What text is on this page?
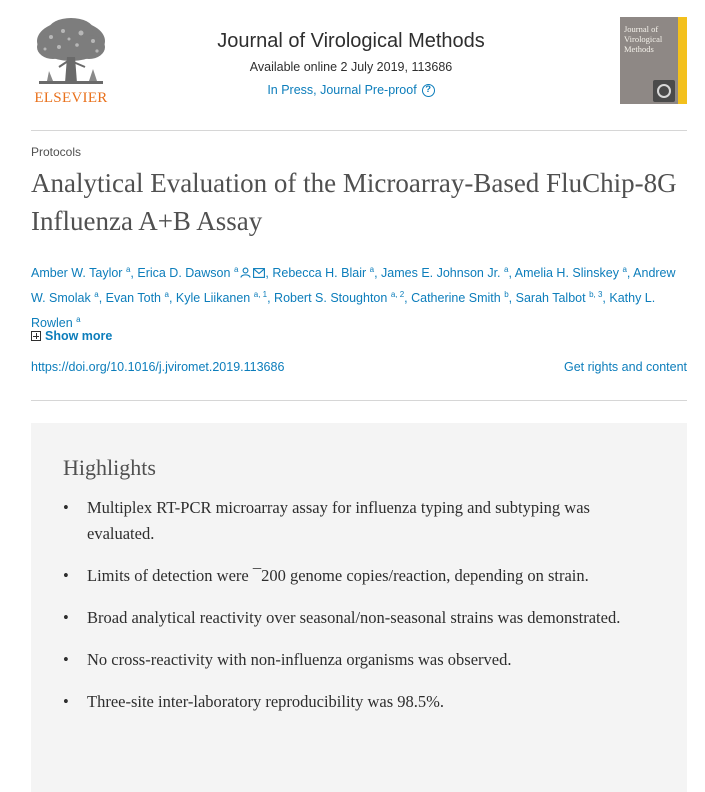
ELSEVIER
Journal of Virological Methods
Available online 2 July 2019, 113686
In Press, Journal Pre-proof ?
Journal of
Virological
Methods
Protocols
Analytical Evaluation of the Microarray-Based FluChip-8G Influenza A+B Assay
Amber W. Taylor $^a$, Erica D. Dawson $^a$ , Rebecca H. Blair $^a$, James E. Johnson Jr. $^a$, Amelia H. Slinskey $^a$, Andrew W. Smolak $^a$, Evan Toth $^a$, Kyle Liikanen $^{a, 1}$, Robert S. Stoughton $^{a, 2}$, Catherine Smith $^b$, Sarah Talbot $^{b, 3}$, Kathy L. Rowlen $^a$
Show more
https://doi.org/10.1016/j.jviromet.2019.113686	Get rights and content
Highlights
• Multiplex RT-PCR microarray assay for influenza typing and subtyping was evaluated.
• Limits of detection were ¯200 genome copies/reaction, depending on strain.
• Broad analytical reactivity over seasonal/non-seasonal strains was demonstrated.
• No cross-reactivity with non-influenza organisms was observed.
• Three-site inter-laboratory reproducibility was 98.5%.
